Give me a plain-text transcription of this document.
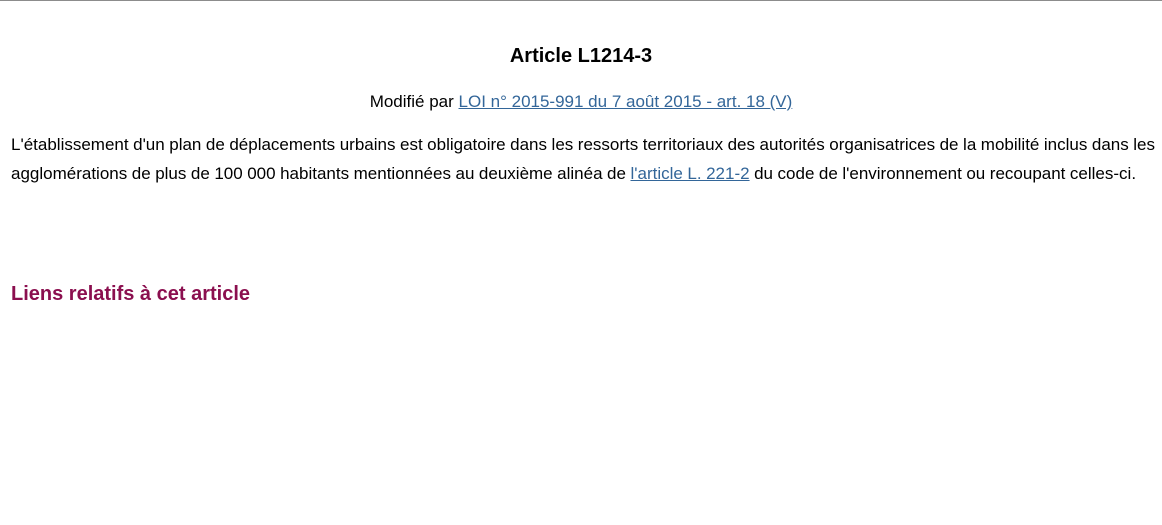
Article L1214-3

Modifié par LOI n° 2015-991 du 7 août 2015 - art. 18 (V)

L'établissement d'un plan de déplacements urbains est obligatoire dans les ressorts territoriaux des autorités organisatrices de la mobilité inclus dans les agglomérations de plus de 100 000 habitants mentionnées au deuxième alinéa de l'article L. 221-2 du code de l'environnement ou recoupant celles-ci.

Liens relatifs à cet article
